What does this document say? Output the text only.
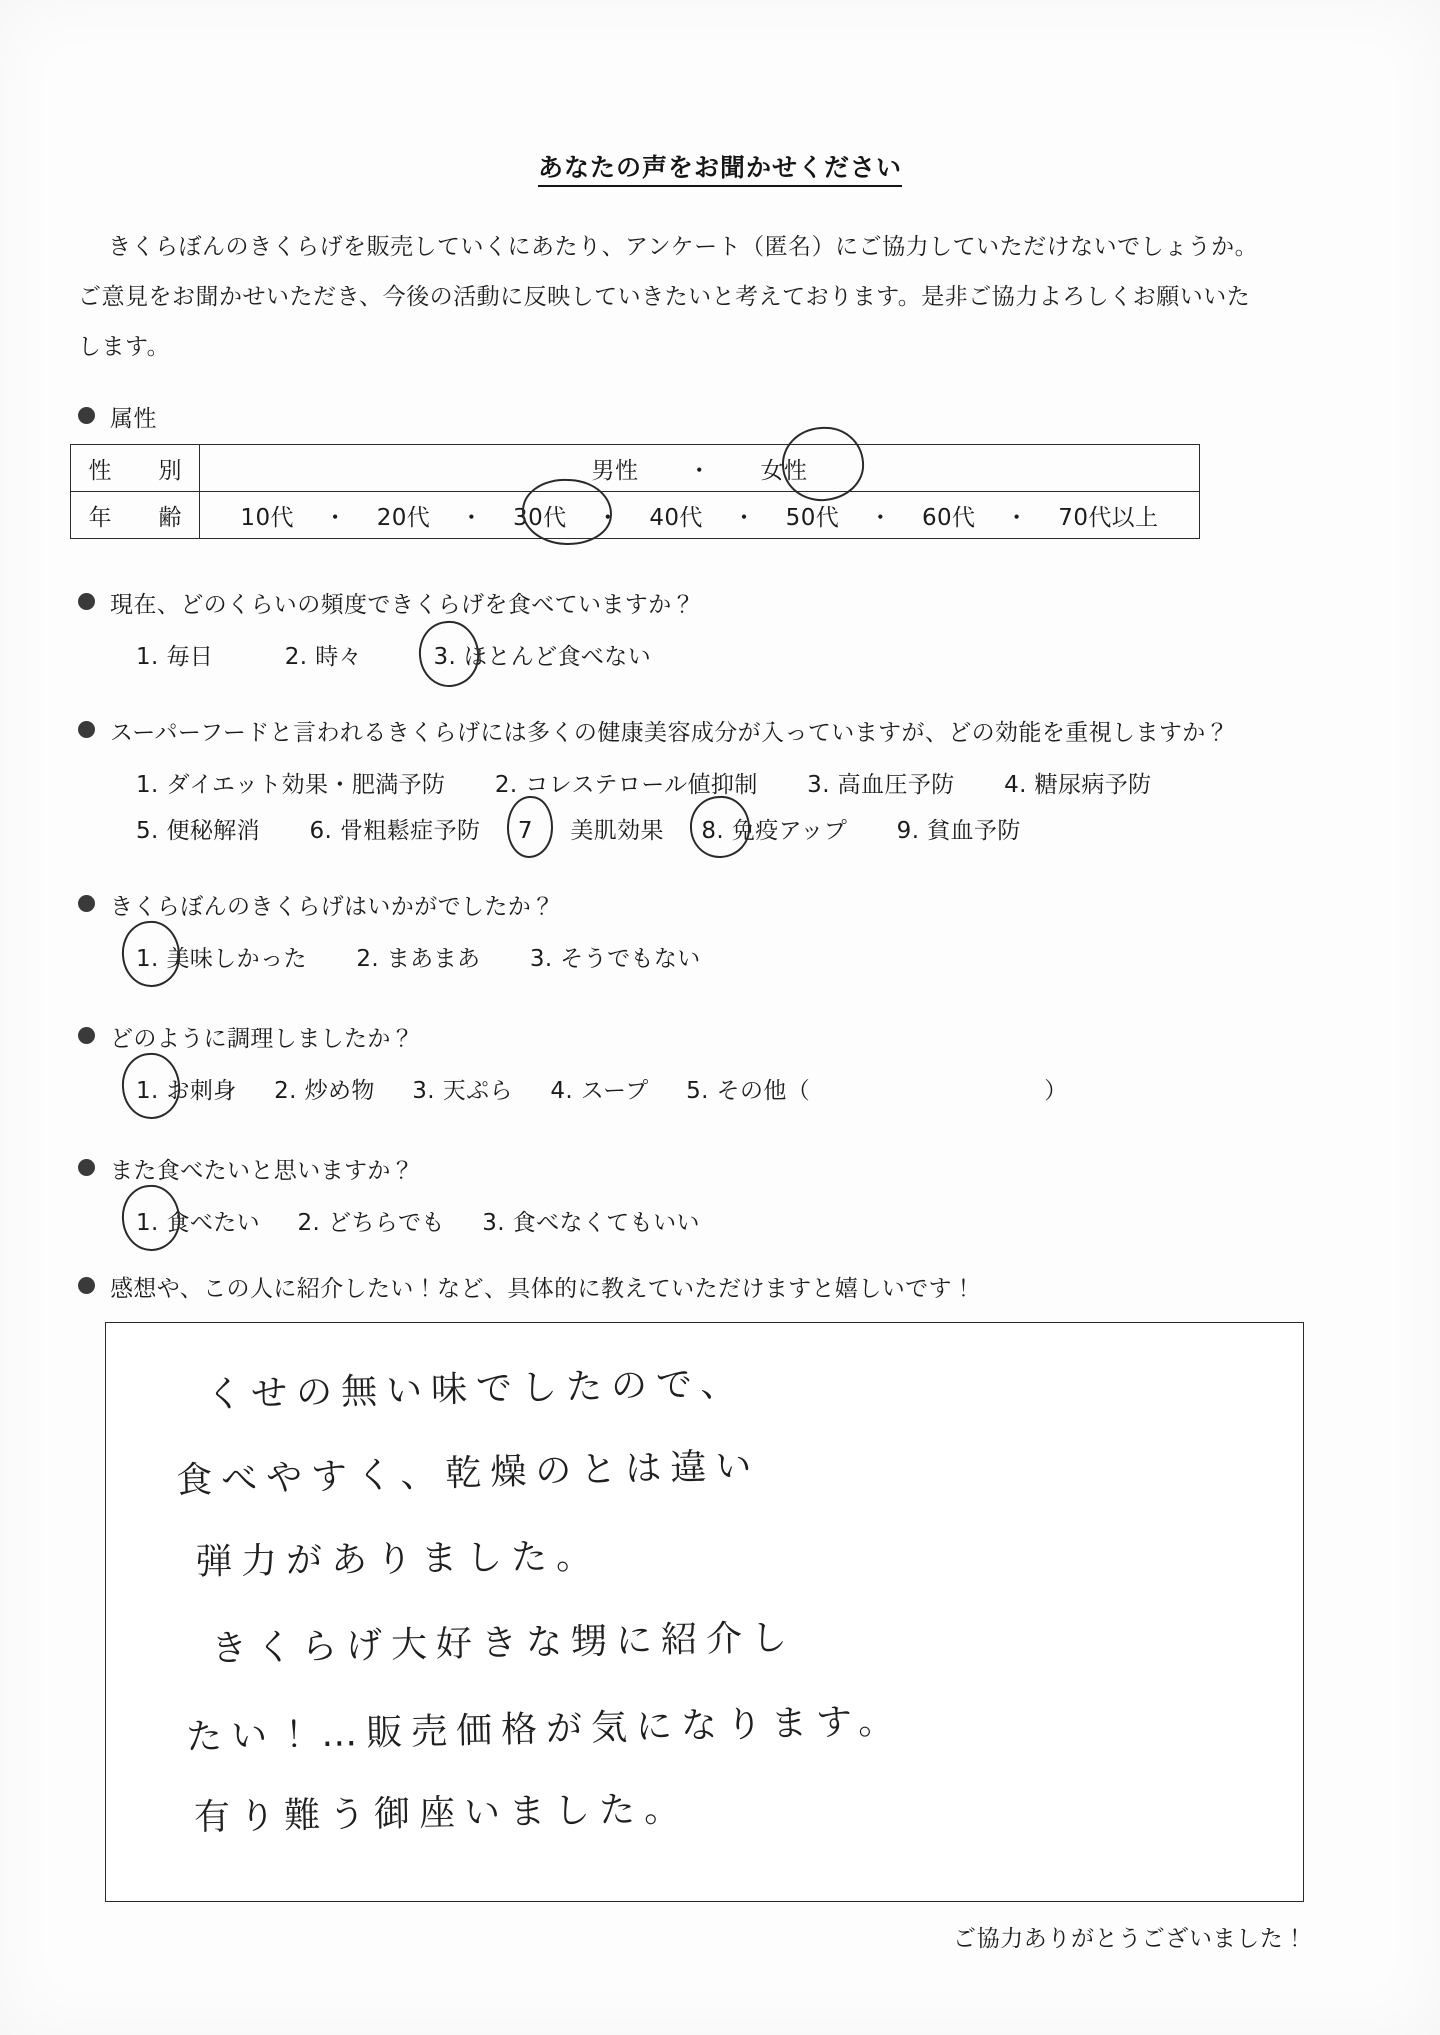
あなたの声をお聞かせください
きくらぼんのきくらげを販売していくにあたり、アンケート（匿名）にご協力していただけないでしょうか。
ご意見をお聞かせいただき、今後の活動に反映していきたいと考えております。是非ご協力よろしくお願いいた
します。
属性
性　別	男性 ・ 女性

年　齢	10代 ・ 20代 ・ 30代 ・ 40代 ・ 50代 ・ 60代 ・ 70代以上
現在、どのくらいの頻度できくらげを食べていますか？
1. 毎日	2. 時々	3. ほとんど食べない
スーパーフードと言われるきくらげには多くの健康美容成分が入っていますが、どの効能を重視しますか？
1. ダイエット効果・肥満予防 2. コレステロール値抑制 3. 高血圧予防 4. 糖尿病予防
5. 便秘解消 6. 骨粗鬆症予防 7 美肌効果 8. 免疫アップ 9. 貧血予防
きくらぼんのきくらげはいかがでしたか？
1. 美味しかった 2. まあまあ 3. そうでもない
どのように調理しましたか？
1. お刺身 2. 炒め物 3. 天ぷら 4. スープ 5. その他（　　　　　　　　　　）
また食べたいと思いますか？
1. 食べたい 2. どちらでも 3. 食べなくてもいい
感想や、この人に紹介したい！など、具体的に教えていただけますと嬉しいです！
くせの無い味でしたので、
食べやすく、乾燥のとは違い
弾力がありました。
きくらげ大好きな甥に紹介し
たい！…販売価格が気になります。
有り難う御座いました。
ご協力ありがとうございました！
